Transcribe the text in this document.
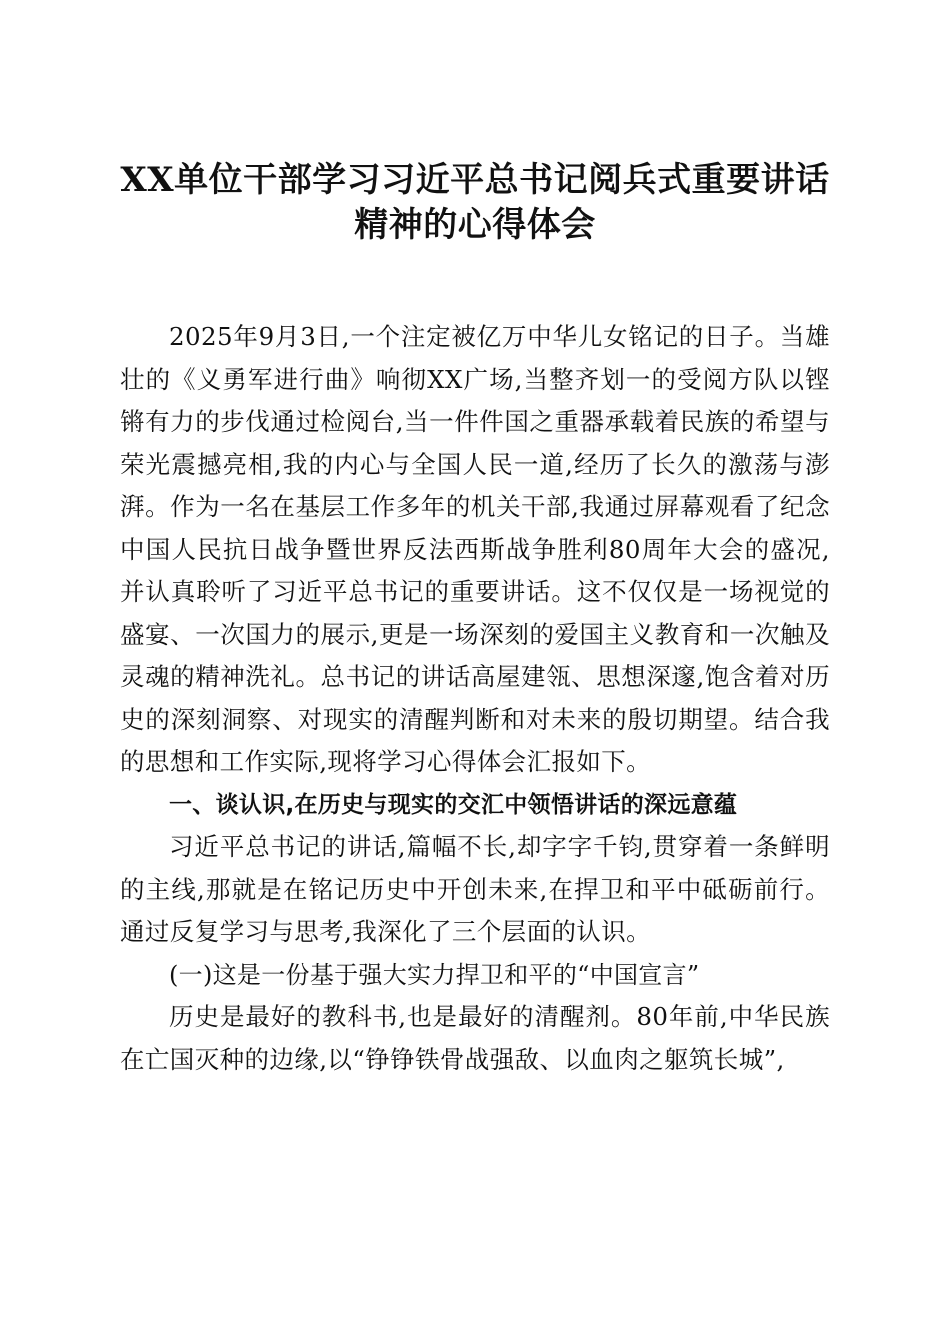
XX单位干部学习习近平总书记阅兵式重要讲话精神的心得体会

2025年9月3日,一个注定被亿万中华儿女铭记的日子。当雄壮的《义勇军进行曲》响彻XX广场,当整齐划一的受阅方队以铿锵有力的步伐通过检阅台,当一件件国之重器承载着民族的希望与荣光震撼亮相,我的内心与全国人民一道,经历了长久的激荡与澎湃。作为一名在基层工作多年的机关干部,我通过屏幕观看了纪念中国人民抗日战争暨世界反法西斯战争胜利80周年大会的盛况,并认真聆听了习近平总书记的重要讲话。这不仅仅是一场视觉的盛宴、一次国力的展示,更是一场深刻的爱国主义教育和一次触及灵魂的精神洗礼。总书记的讲话高屋建瓴、思想深邃,饱含着对历史的深刻洞察、对现实的清醒判断和对未来的殷切期望。结合我的思想和工作实际,现将学习心得体会汇报如下。

一、谈认识,在历史与现实的交汇中领悟讲话的深远意蕴

习近平总书记的讲话,篇幅不长,却字字千钧,贯穿着一条鲜明的主线,那就是在铭记历史中开创未来,在捍卫和平中砥砺前行。通过反复学习与思考,我深化了三个层面的认识。

(一)这是一份基于强大实力捍卫和平的“中国宣言”

历史是最好的教科书,也是最好的清醒剂。80年前,中华民族在亡国灭种的边缘,以“铮铮铁骨战强敌、以血肉之躯筑长城”,
